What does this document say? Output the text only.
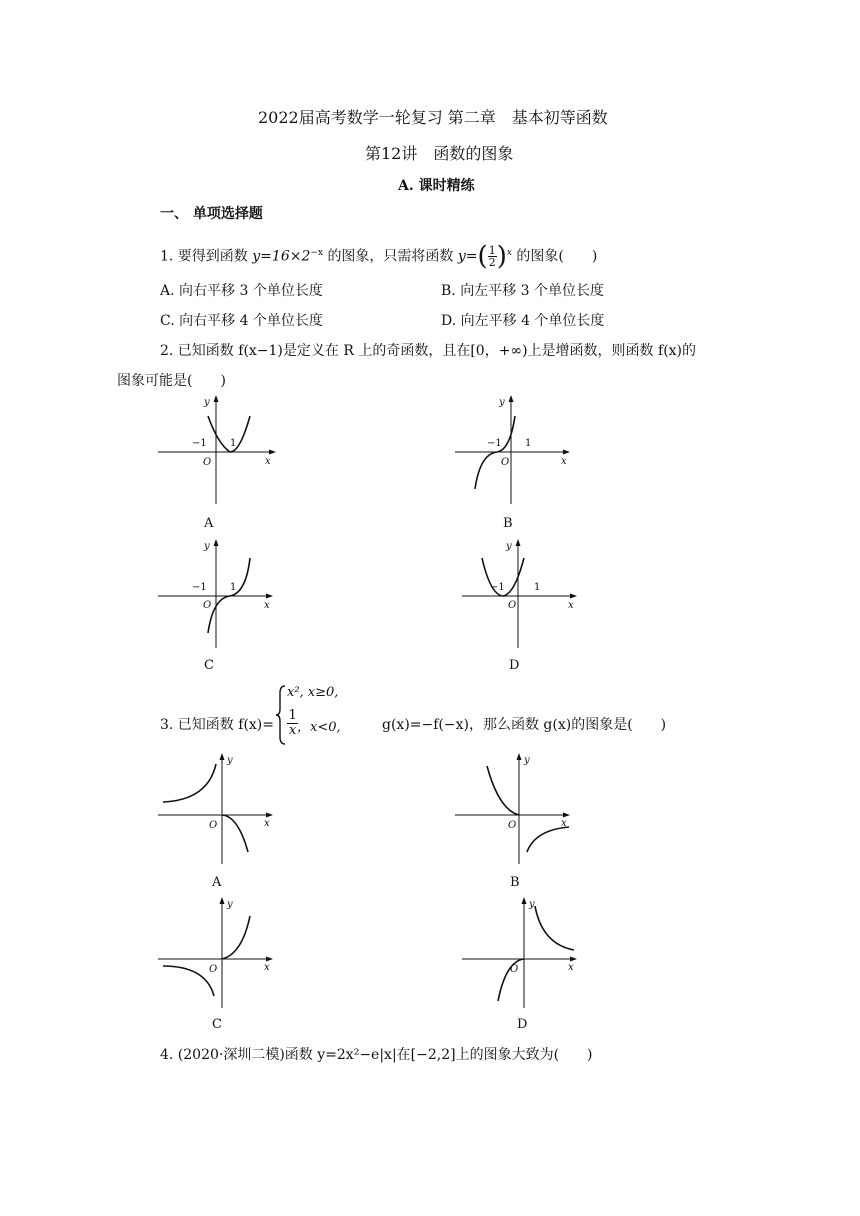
2022届高考数学一轮复习 第二章　基本初等函数
第12讲　函数的图象
A. 课时精练
一、 单项选择题
1. 要得到函数 $y=16\times 2^{-x}$ 的图象，只需将函数 $y=(\frac{1}{2})^x$ 的图象(　　)
A. 向右平移 3 个单位长度	B. 向左平移 3 个单位长度
C. 向右平移 4 个单位长度	D. 向左平移 4 个单位长度
2. 已知函数 f(x−1)是定义在 R 上的奇函数，且在[0，+∞)上是增函数，则函数 f(x)的
图象可能是(　　)
y
x
O
−1 1
A
y
x
O
−1 1
B
y
x
O
−1 1
C
y
x
O
−1	1
D
3. 已知函数 f(x)=
x², x≥0,
$\frac{1}{x}$
，x<0,	g(x)=−f(−x)，那么函数 g(x)的图象是(　　)
y
x
O
A
y
x
O
B
y
x
O
C
y
x
O
D
4. (2020·深圳二模)函数 y=2x²−e|x|在[−2,2]上的图象大致为(　　)
